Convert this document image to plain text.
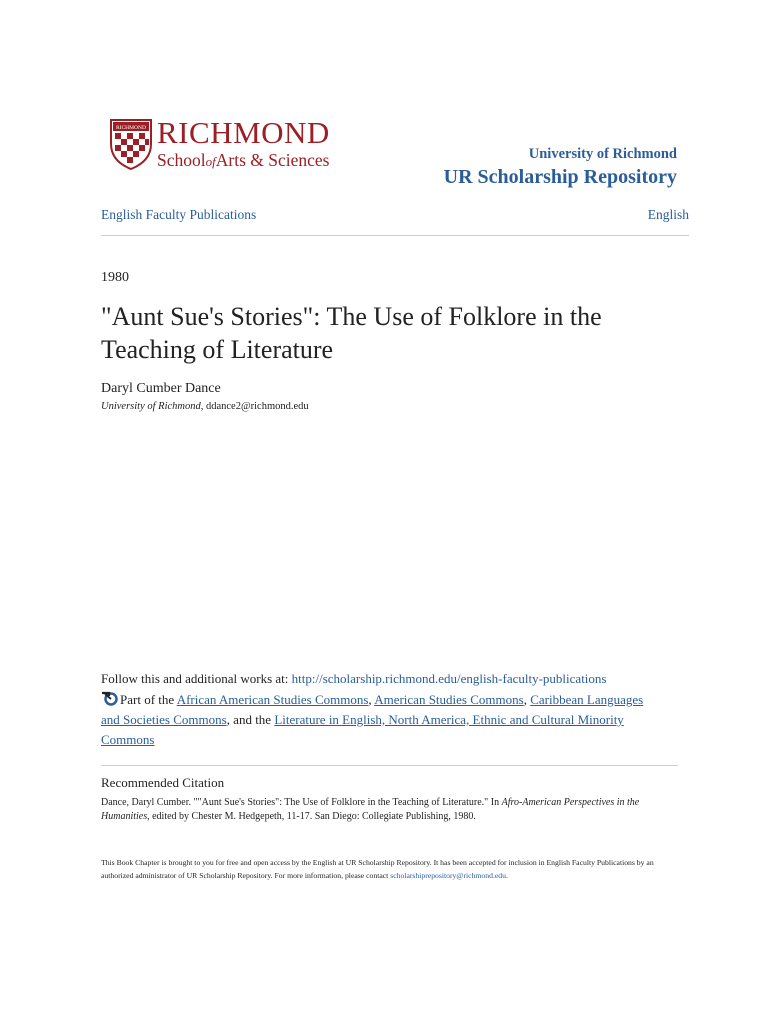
RICHMOND RICHMOND
SchoolofArts & Sciences	University of Richmond
UR Scholarship Repository
English Faculty Publications	English
1980
"Aunt Sue's Stories": The Use of Folklore in the Teaching of Literature
Daryl Cumber Dance
University of Richmond, ddance2@richmond.edu
Follow this and additional works at: http://scholarship.richmond.edu/english-faculty-publications
Part of the African American Studies Commons, American Studies Commons, Caribbean Languages and Societies Commons, and the Literature in English, North America, Ethnic and Cultural Minority Commons
Recommended Citation
Dance, Daryl Cumber. ""Aunt Sue's Stories": The Use of Folklore in the Teaching of Literature." In Afro-American Perspectives in the Humanities, edited by Chester M. Hedgepeth, 11-17. San Diego: Collegiate Publishing, 1980.
This Book Chapter is brought to you for free and open access by the English at UR Scholarship Repository. It has been accepted for inclusion in English Faculty Publications by an authorized administrator of UR Scholarship Repository. For more information, please contact scholarshiprepository@richmond.edu.
